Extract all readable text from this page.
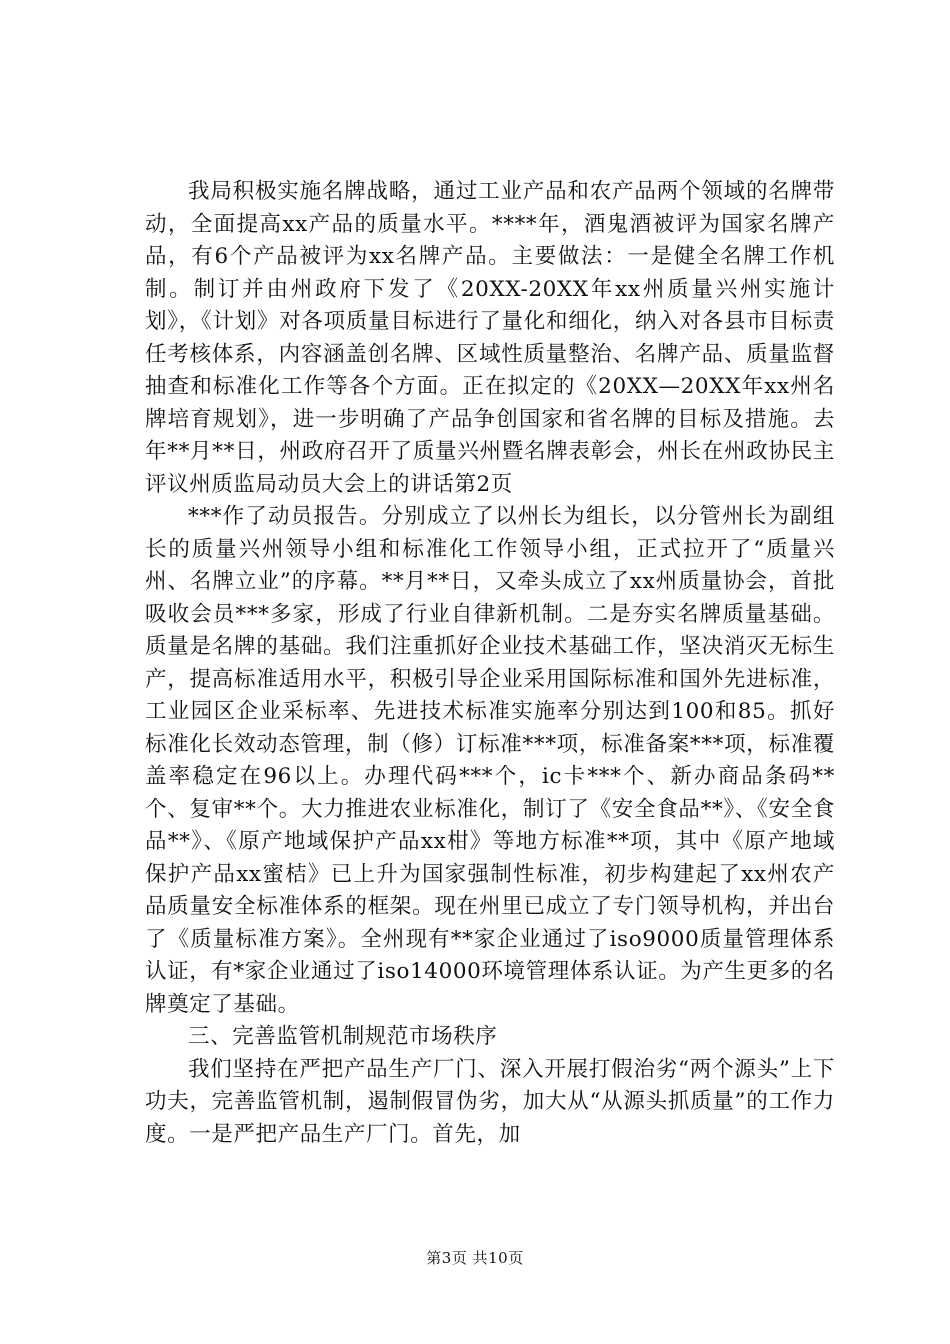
我局积极实施名牌战略，通过工业产品和农产品两个领域的名牌带动，全面提高xx产品的质量水平。****年，酒鬼酒被评为国家名牌产品，有6个产品被评为xx名牌产品。主要做法：一是健全名牌工作机制。制订并由州政府下发了《20XX-20XX年xx州质量兴州实施计划》，《计划》对各项质量目标进行了量化和细化，纳入对各县市目标责任考核体系，内容涵盖创名牌、区域性质量整治、名牌产品、质量监督抽查和标准化工作等各个方面。正在拟定的《20XX—20XX年xx州名牌培育规划》，进一步明确了产品争创国家和省名牌的目标及措施。去年**月**日，州政府召开了质量兴州暨名牌表彰会，州长在州政协民主评议州质监局动员大会上的讲话第2页

***作了动员报告。分别成立了以州长为组长，以分管州长为副组长的质量兴州领导小组和标准化工作领导小组，正式拉开了“质量兴州、名牌立业”的序幕。**月**日，又牵头成立了xx州质量协会，首批吸收会员***多家，形成了行业自律新机制。二是夯实名牌质量基础。质量是名牌的基础。我们注重抓好企业技术基础工作，坚决消灭无标生产，提高标准适用水平，积极引导企业采用国际标准和国外先进标准，工业园区企业采标率、先进技术标准实施率分别达到100和85。抓好标准化长效动态管理，制（修）订标准***项，标准备案***项，标准覆盖率稳定在96以上。办理代码***个，ic卡***个、新办商品条码**个、复审**个。大力推进农业标准化，制订了《安全食品**》、《安全食品**》、《原产地域保护产品xx柑》等地方标准**项，其中《原产地域保护产品xx蜜桔》已上升为国家强制性标准，初步构建起了xx州农产品质量安全标准体系的框架。现在州里已成立了专门领导机构，并出台了《质量标准方案》。全州现有**家企业通过了iso9000质量管理体系认证，有*家企业通过了iso14000环境管理体系认证。为产生更多的名牌奠定了基础。

三、完善监管机制规范市场秩序

我们坚持在严把产品生产厂门、深入开展打假治劣“两个源头”上下功夫，完善监管机制，遏制假冒伪劣，加大从“从源头抓质量”的工作力度。一是严把产品生产厂门。首先，加

第3页 共10页
